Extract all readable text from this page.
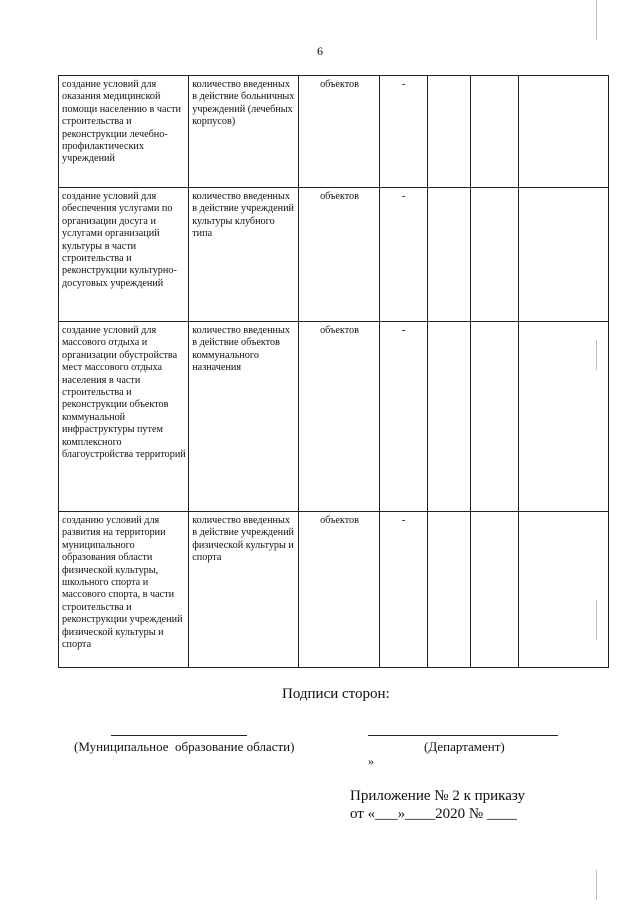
6
создание условий для оказания медицинской помощи населению в части строительства и реконструкции лечебно-профилактических учреждений	количество введенных в действие больничных учреждений (лечебных корпусов)	объектов	-			
создание условий для обеспечения услугами по организации досуга и услугами организаций культуры в части строительства и реконструкции культурно-досуговых учреждений	количество введенных в действие учреждений культуры клубного типа	объектов	-			
создание условий для массового отдыха и организации обустройства мест массового отдыха населения в части строительства и реконструкции объектов коммунальной инфраструктуры путем комплексного благоустройства территорий	количество введенных в действие объектов коммунального назначения	объектов	-			
созданию условий для развития на территории муниципального образования области физической культуры, школьного спорта и массового спорта, в части строительства и реконструкции учреждений физической культуры и спорта	количество введенных в действие учреждений физической культуры и спорта	объектов	-			
Подписи сторон:
(Муниципальное  образование области)	(Департамент)
»
Приложение № 2 к приказу
от «___»____2020 № ____
